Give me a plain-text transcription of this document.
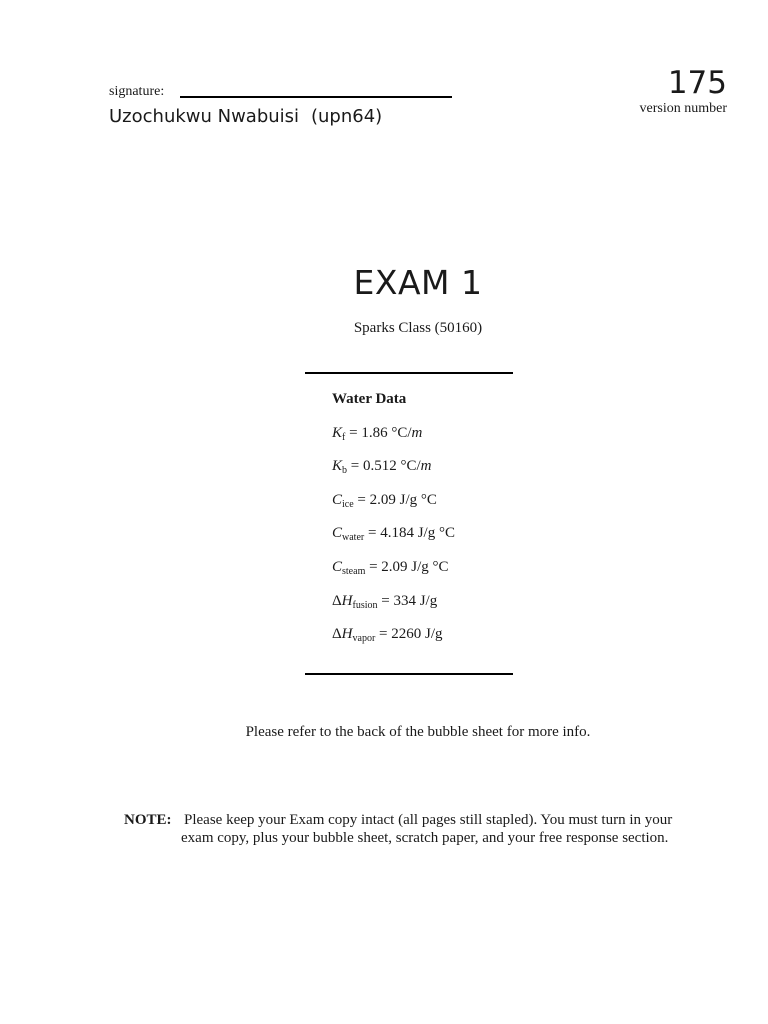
signature:
Uzochukwu Nwabuisi (upn64)
175
version number
EXAM 1
Sparks Class (50160)
Water Data
$K_f = 1.86$ °C/m
$K_b = 0.512$ °C/m
$C_{ice} = 2.09$ J/g °C
$C_{water} = 4.184$ J/g °C
$C_{steam} = 2.09$ J/g °C
$\Delta H_{fusion} = 334$ J/g
$\Delta H_{vapor} = 2260$ J/g
Please refer to the back of the bubble sheet for more info.
NOTE: Please keep your Exam copy intact (all pages still stapled). You must turn in your
exam copy, plus your bubble sheet, scratch paper, and your free response section.
